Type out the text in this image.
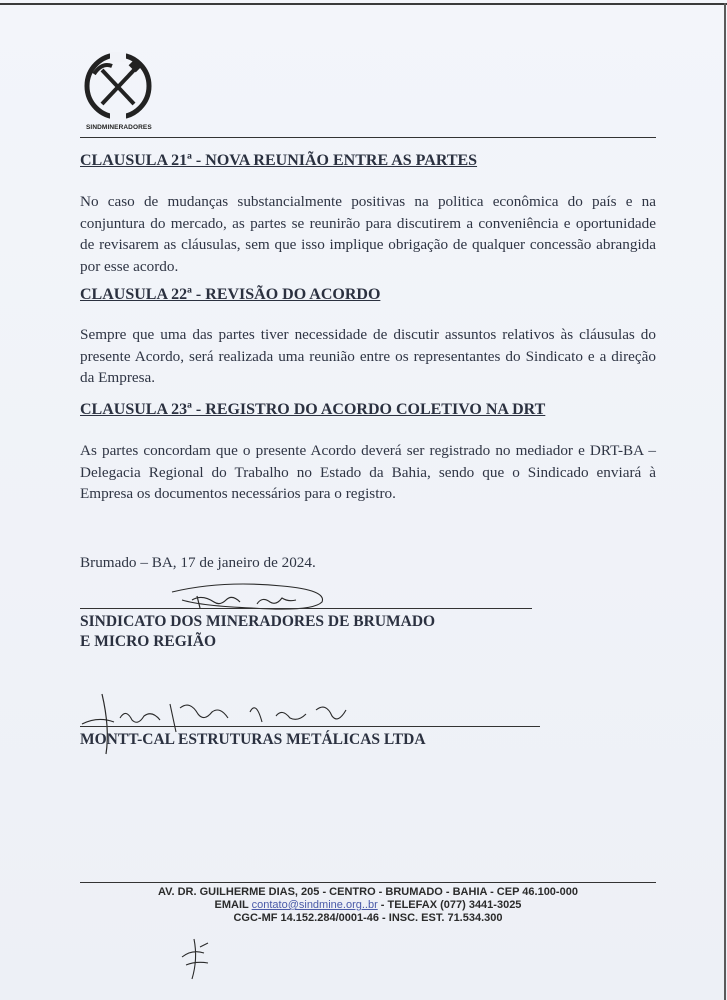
SINDMINERADORES
CLAUSULA 21ª - NOVA REUNIÃO ENTRE AS PARTES
No caso de mudanças substancialmente positivas na politica econômica do país e na conjuntura do mercado, as partes se reunirão para discutirem a conveniência e oportunidade de revisarem as cláusulas, sem que isso implique obrigação de qualquer concessão abrangida por esse acordo.
CLAUSULA 22ª - REVISÃO DO ACORDO
Sempre que uma das partes tiver necessidade de discutir assuntos relativos às cláusulas do presente Acordo, será realizada uma reunião entre os representantes do Sindicato e a direção da Empresa.
CLAUSULA 23ª - REGISTRO DO ACORDO COLETIVO NA DRT
As partes concordam que o presente Acordo deverá ser registrado no mediador e DRT-BA – Delegacia Regional do Trabalho no Estado da Bahia, sendo que o Sindicado enviará à Empresa os documentos necessários para o registro.
Brumado – BA, 17 de janeiro de 2024.
SINDICATO DOS MINERADORES DE BRUMADO
E MICRO REGIÃO
MONTT-CAL ESTRUTURAS METÁLICAS LTDA
AV. DR. GUILHERME DIAS, 205 - CENTRO - BRUMADO - BAHIA - CEP 46.100-000
EMAIL contato@sindmine.org..br - TELEFAX (077) 3441-3025
CGC-MF 14.152.284/0001-46 - INSC. EST. 71.534.300
